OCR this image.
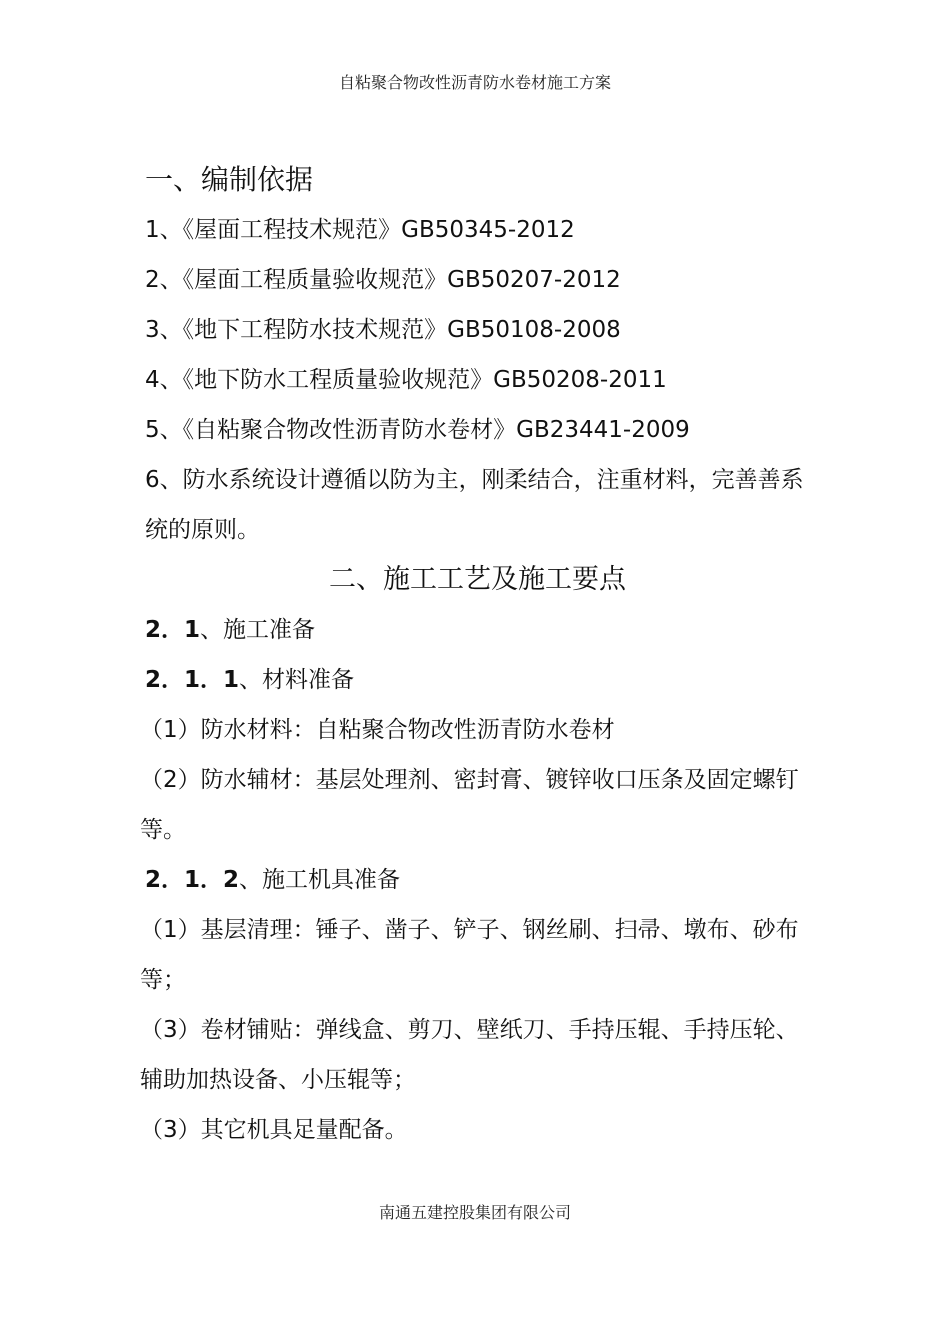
自粘聚合物改性沥青防水卷材施工方案
一、编制依据
1、《屋面工程技术规范》GB50345-2012
2、《屋面工程质量验收规范》GB50207-2012
3、《地下工程防水技术规范》GB50108-2008
4、《地下防水工程质量验收规范》GB50208-2011
5、《自粘聚合物改性沥青防水卷材》GB23441-2009
6、防水系统设计遵循以防为主，刚柔结合，注重材料，完善善系统的原则。
二、施工工艺及施工要点
2．1、施工准备
2．1．1、材料准备
（1）防水材料：自粘聚合物改性沥青防水卷材
（2）防水辅材：基层处理剂、密封膏、镀锌收口压条及固定螺钉等。
2．1．2、施工机具准备
（1）基层清理：锤子、凿子、铲子、钢丝刷、扫帚、墩布、砂布等；
（3）卷材铺贴：弹线盒、剪刀、壁纸刀、手持压辊、手持压轮、辅助加热设备、小压辊等；
（3）其它机具足量配备。
南通五建控股集团有限公司
